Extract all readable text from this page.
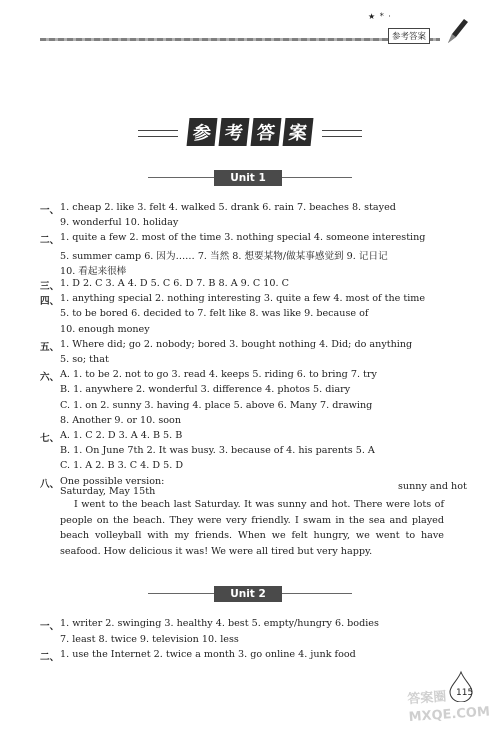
★ * ·
参考答案
参 考 答 案
Unit 1
一、 1. cheap 2. like 3. felt 4. walked 5. drank 6. rain 7. beaches 8. stayed
9. wonderful 10. holiday
二、 1. quite a few 2. most of the time 3. nothing special 4. someone interesting
5. summer camp 6. 因为…… 7. 当然 8. 想要某物/做某事感觉到 9. 记日记
10. 看起来很棒
三、 1. D 2. C 3. A 4. D 5. C 6. D 7. B 8. A 9. C 10. C
四、 1. anything special 2. nothing interesting 3. quite a few 4. most of the time
5. to be bored 6. decided to 7. felt like 8. was like 9. because of
10. enough money
五、 1. Where did; go 2. nobody; bored 3. bought nothing 4. Did; do anything
5. so; that
六、 A. 1. to be 2. not to go 3. read 4. keeps 5. riding 6. to bring 7. try
B. 1. anywhere 2. wonderful 3. difference 4. photos 5. diary
C. 1. on 2. sunny 3. having 4. place 5. above 6. Many 7. drawing
8. Another 9. or 10. soon
七、 A. 1. C 2. D 3. A 4. B 5. B
B. 1. On June 7th 2. It was busy. 3. because of 4. his parents 5. A
C. 1. A 2. B 3. C 4. D 5. D
八、 One possible version:
Saturday, May 15th	sunny and hot
I went to the beach last Saturday. It was sunny and hot. There were lots of people on the beach. They were very friendly. I swam in the sea and played beach volleyball with my friends. When we felt hungry, we went to have seafood. How delicious it was! We were all tired but very happy.
Unit 2
一、 1. writer 2. swinging 3. healthy 4. best 5. empty/hungry 6. bodies
7. least 8. twice 9. television 10. less
二、 1. use the Internet 2. twice a month 3. go online 4. junk food
115
答案圈 MXQE.COM
